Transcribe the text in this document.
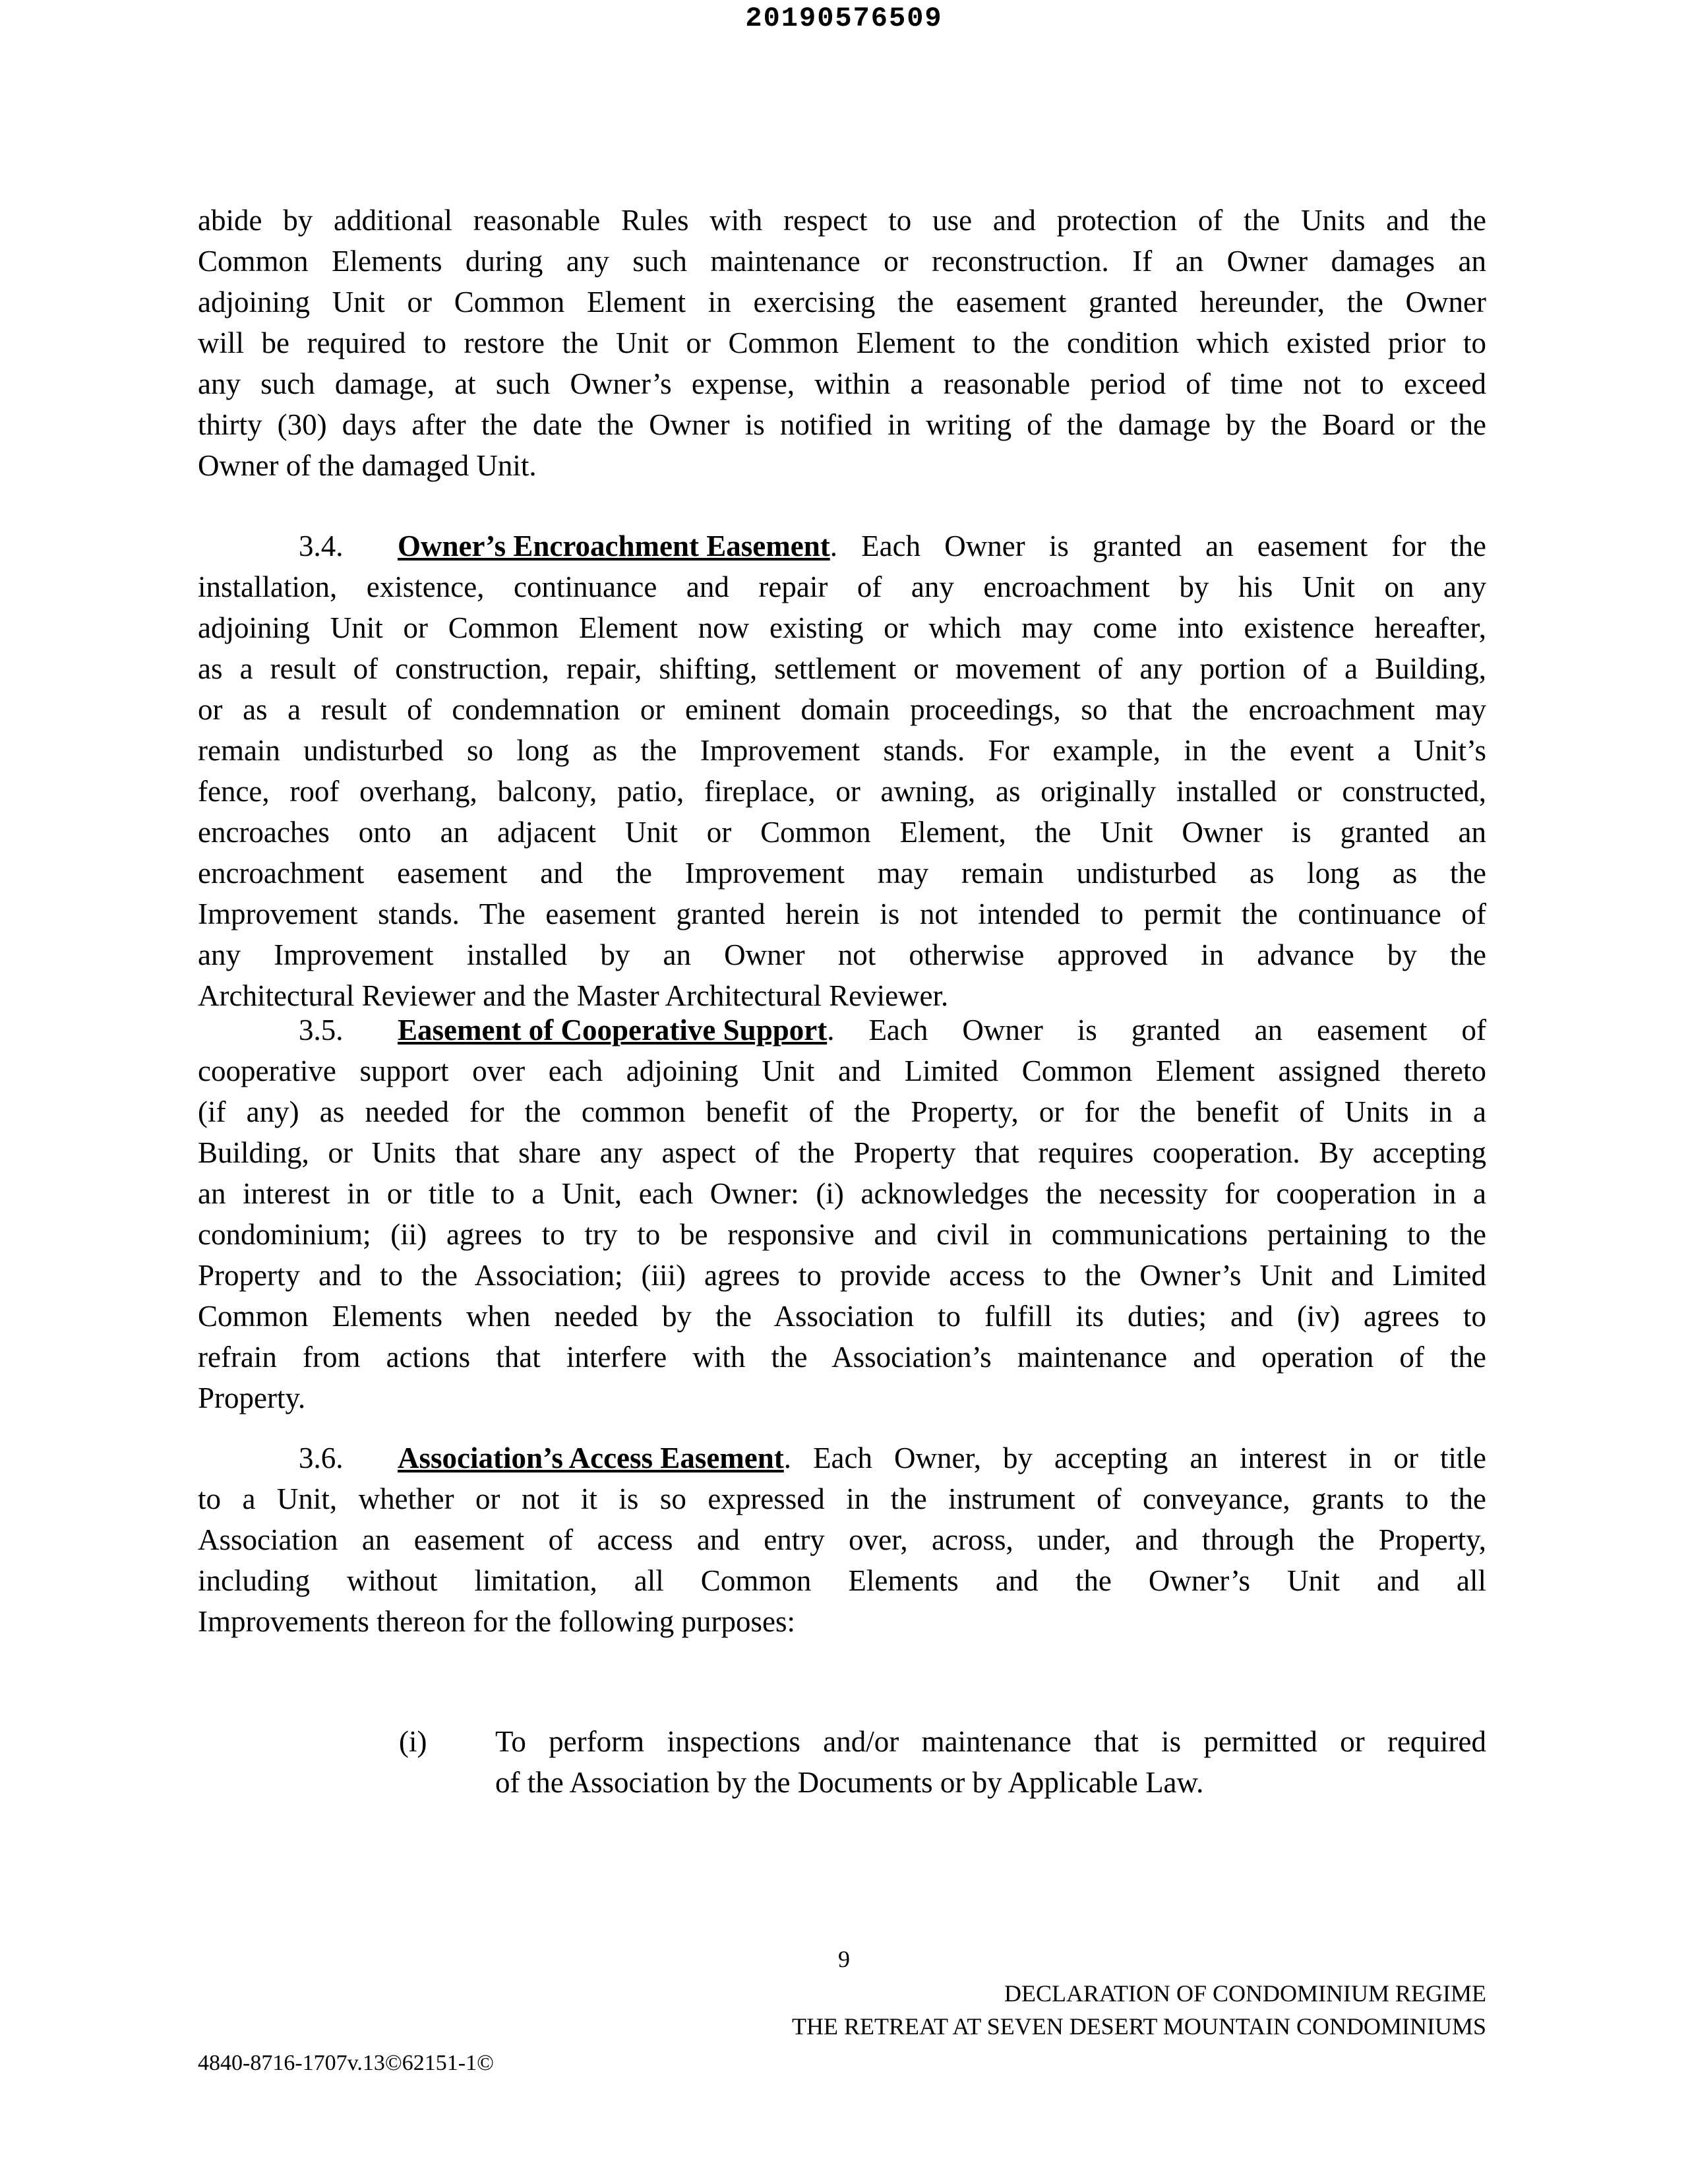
20190576509
abide by additional reasonable Rules with respect to use and protection of the Units and the
Common Elements during any such maintenance or reconstruction. If an Owner damages an
adjoining Unit or Common Element in exercising the easement granted hereunder, the Owner
will be required to restore the Unit or Common Element to the condition which existed prior to
any such damage, at such Owner’s expense, within a reasonable period of time not to exceed
thirty (30) days after the date the Owner is notified in writing of the damage by the Board or the
Owner of the damaged Unit.
3.4.	Owner’s Encroachment Easement . Each Owner is granted an easement for the
installation, existence, continuance and repair of any encroachment by his Unit on any
adjoining Unit or Common Element now existing or which may come into existence hereafter,
as a result of construction, repair, shifting, settlement or movement of any portion of a Building,
or as a result of condemnation or eminent domain proceedings, so that the encroachment may
remain undisturbed so long as the Improvement stands. For example, in the event a Unit’s
fence, roof overhang, balcony, patio, fireplace, or awning, as originally installed or constructed,
encroaches onto an adjacent Unit or Common Element, the Unit Owner is granted an
encroachment easement and the Improvement may remain undisturbed as long as the
Improvement stands. The easement granted herein is not intended to permit the continuance of
any Improvement installed by an Owner not otherwise approved in advance by the
Architectural Reviewer and the Master Architectural Reviewer.
3.5.	Easement of Cooperative Support . Each Owner is granted an easement of
cooperative support over each adjoining Unit and Limited Common Element assigned thereto
(if any) as needed for the common benefit of the Property, or for the benefit of Units in a
Building, or Units that share any aspect of the Property that requires cooperation. By accepting
an interest in or title to a Unit, each Owner: (i) acknowledges the necessity for cooperation in a
condominium; (ii) agrees to try to be responsive and civil in communications pertaining to the
Property and to the Association; (iii) agrees to provide access to the Owner’s Unit and Limited
Common Elements when needed by the Association to fulfill its duties; and (iv) agrees to
refrain from actions that interfere with the Association’s maintenance and operation of the
Property.
3.6.	Association’s Access Easement . Each Owner, by accepting an interest in or title
to a Unit, whether or not it is so expressed in the instrument of conveyance, grants to the
Association an easement of access and entry over, across, under, and through the Property,
including without limitation, all Common Elements and the Owner’s Unit and all
Improvements thereon for the following purposes:
(i) To perform inspections and/or maintenance that is permitted or required
of the Association by the Documents or by Applicable Law.
9
DECLARATION OF CONDOMINIUM REGIME
THE RETREAT AT SEVEN DESERT MOUNTAIN CONDOMINIUMS
4840-8716-1707v.13©62151-1©
